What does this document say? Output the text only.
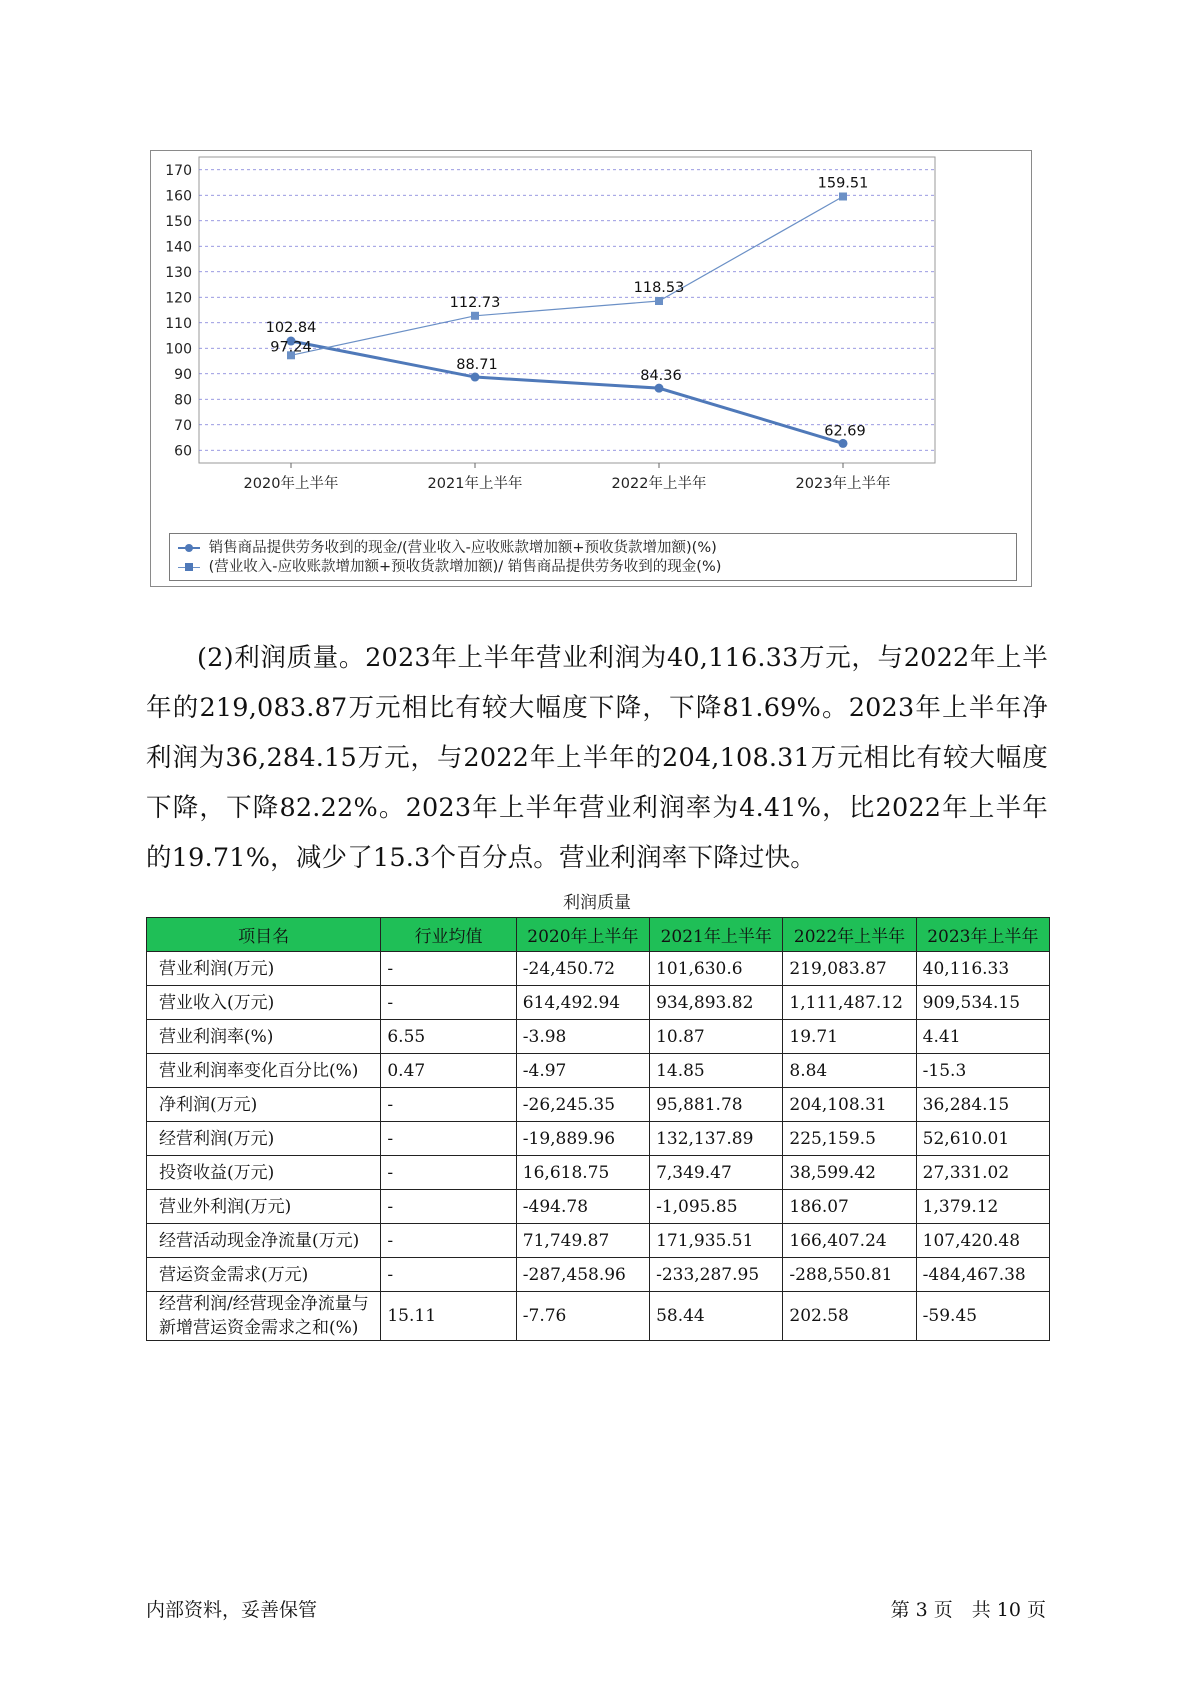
60
70
80
90
100
110
120
130
140
150
160
170
2020年上半年	2021年上半年	2022年上半年	2023年上半年
102.84
88.71
84.36
62.69
97.24
112.73
118.53
159.51
销售商品提供劳务收到的现金/(营业收入-应收账款增加额+预收货款增加额)(%)
(营业收入-应收账款增加额+预收货款增加额)/ 销售商品提供劳务收到的现金(%)

(2)利润质量。2023年上半年营业利润为40,116.33万元，与2022年上半年的219,083.87万元相比有较大幅度下降，下降81.69%。2023年上半年净利润为36,284.15万元，与2022年上半年的204,108.31万元相比有较大幅度下降，下降82.22%。2023年上半年营业利润率为4.41%，比2022年上半年的19.71%，减少了15.3个百分点。营业利润率下降过快。

利润质量
项目名	行业均值	2020年上半年	2021年上半年	2022年上半年	2023年上半年
营业利润(万元)	-	-24,450.72	101,630.6	219,083.87	40,116.33
营业收入(万元)	-	614,492.94	934,893.82	1,111,487.12	909,534.15
营业利润率(%)	6.55	-3.98	10.87	19.71	4.41
营业利润率变化百分比(%)	0.47	-4.97	14.85	8.84	-15.3
净利润(万元)	-	-26,245.35	95,881.78	204,108.31	36,284.15
经营利润(万元)	-	-19,889.96	132,137.89	225,159.5	52,610.01
投资收益(万元)	-	16,618.75	7,349.47	38,599.42	27,331.02
营业外利润(万元)	-	-494.78	-1,095.85	186.07	1,379.12
经营活动现金净流量(万元)	-	71,749.87	171,935.51	166,407.24	107,420.48
营运资金需求(万元)	-	-287,458.96	-233,287.95	-288,550.81	-484,467.38
经营利润/经营现金净流量与新增营运资金需求之和(%)	15.11	-7.76	58.44	202.58	-59.45
内部资料，妥善保管	第 3 页　共 10 页
